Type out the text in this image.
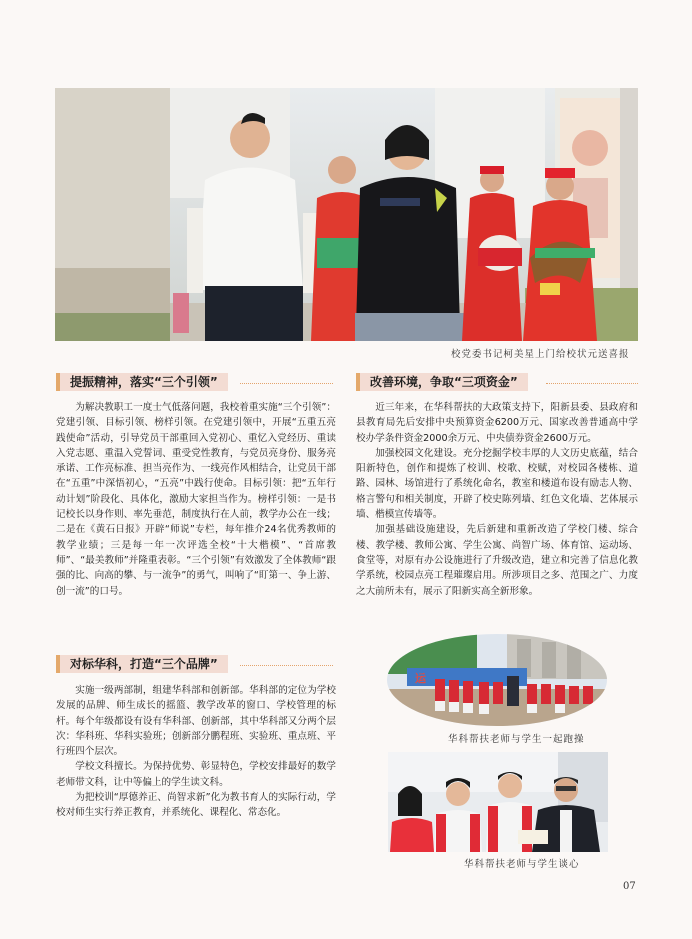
校党委书记柯美星上门给校状元送喜报
提振精神，落实“三个引领”	改善环境，争取“三项资金”

为解决教职工一度士气低落问题，我校着重实施“三个引领”：党建引领、目标引领、榜样引领。在党建引领中，开展“五重五亮践使命”活动，引导党员干部重回入党初心、重忆入党经历、重读入党志愿、重温入党誓词、重受党性教育，与党员亮身份、服务亮承诺、工作亮标准、担当亮作为、一线亮作风相结合，让党员干部在“五重”中深悟初心，“五亮”中践行使命。目标引领：把“五年行动计划”阶段化、具体化，激励大家担当作为。榜样引领：一是书记校长以身作则、率先垂范，制度执行在人前，教学办公在一线；二是在《黄石日报》开辟“师说”专栏，每年推介24名优秀教师的教学业绩；三是每一年一次评选全校“十大楷模”、“首席教师”、“最美教师”并隆重表彰。“三个引领”有效激发了全体教师“跟强的比、向高的攀、与一流争”的勇气，叫响了“盯第一、争上游、创一流”的口号。

近三年来，在华科帮扶的大政策支持下，阳新县委、县政府和县教育局先后安排中央预算资金6200万元、国家改善普通高中学校办学条件资金2000余万元、中央债券资金2600万元。

加强校园文化建设。充分挖掘学校丰厚的人文历史底蕴，结合阳新特色，创作和提炼了校训、校歌、校赋，对校园各楼栋、道路、园林、场馆进行了系统化命名，教室和楼道布设有励志人物、格言警句和相关制度，开辟了校史陈列墙、红色文化墙、艺体展示墙、楷模宣传墙等。

加强基础设施建设，先后新建和重新改造了学校门楼、综合楼、教学楼、教师公寓、学生公寓、尚智广场、体育馆、运动场、食堂等，对原有办公设施进行了升级改造，建立和完善了信息化教学系统，校园点亮工程璀璨启用。所涉项目之多、范围之广、力度之大前所未有，展示了阳新实高全新形象。

对标华科，打造“三个品牌”

实施一级两部制，组建华科部和创新部。华科部的定位为学校发展的品牌、师生成长的摇篮、教学改革的窗口、学校管理的标杆。每个年级都设有设有华科部、创新部，其中华科部又分两个层次：华科班、华科实验班；创新部分鹏程班、实验班、重点班、平行班四个层次。

学校文科擅长。为保持优势、彰显特色，学校安排最好的数学老师带文科，让中等偏上的学生读文科。

为把校训“厚德养正、尚智求新”化为教书育人的实际行动，学校对师生实行养正教育，并系统化、课程化、常态化。

运
华科帮扶老师与学生一起跑操
华科帮扶老师与学生谈心
07
